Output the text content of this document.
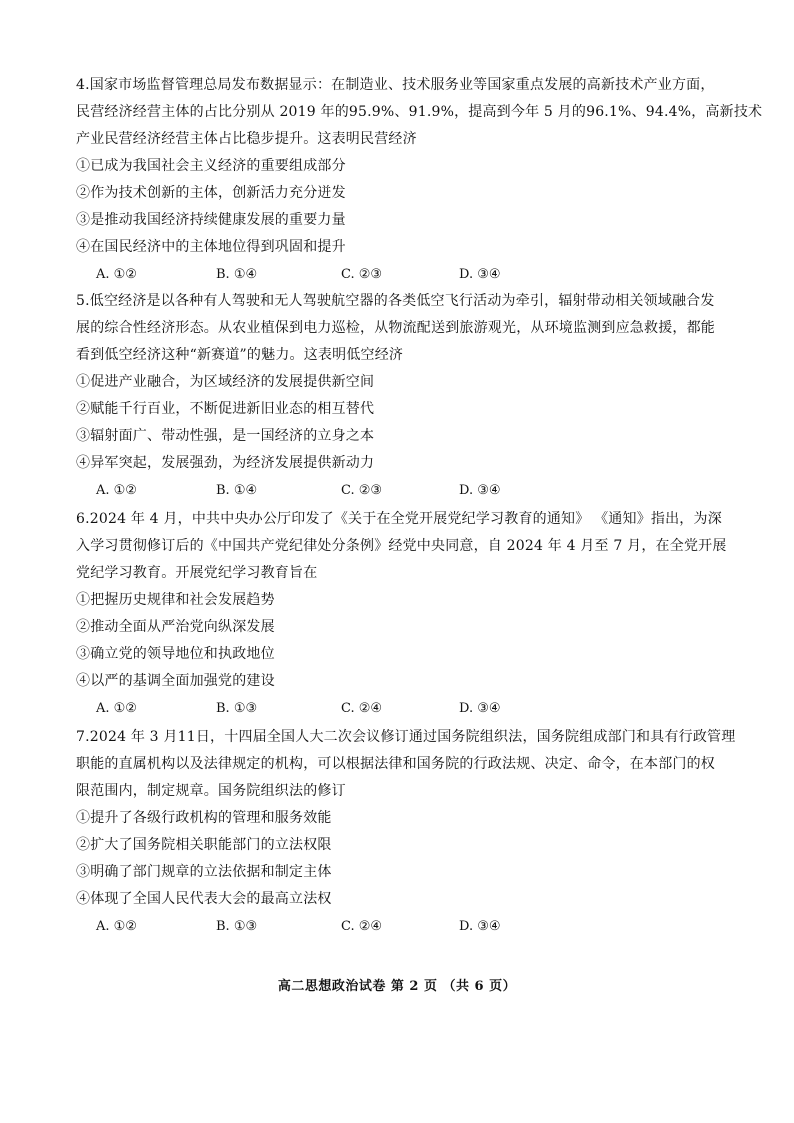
4.国家市场监督管理总局发布数据显示：在制造业、技术服务业等国家重点发展的高新技术产业方面，
民营经济经营主体的占比分别从 2019 年的95.9%、91.9%，提高到今年 5 月的96.1%、94.4%，高新技术
产业民营经济经营主体占比稳步提升。这表明民营经济
①已成为我国社会主义经济的重要组成部分
②作为技术创新的主体，创新活力充分迸发
③是推动我国经济持续健康发展的重要力量
④在国民经济中的主体地位得到巩固和提升
A. ①②	B. ①④	C. ②③	D. ③④
5.低空经济是以各种有人驾驶和无人驾驶航空器的各类低空飞行活动为牵引，辐射带动相关领域融合发
展的综合性经济形态。从农业植保到电力巡检，从物流配送到旅游观光，从环境监测到应急救援，都能
看到低空经济这种“新赛道”的魅力。这表明低空经济
①促进产业融合，为区域经济的发展提供新空间
②赋能千行百业，不断促进新旧业态的相互替代
③辐射面广、带动性强，是一国经济的立身之本
④异军突起，发展强劲，为经济发展提供新动力
A. ①②	B. ①④	C. ②③	D. ③④
6.2024 年 4 月，中共中央办公厅印发了《关于在全党开展党纪学习教育的通知》 《通知》指出，为深
入学习贯彻修订后的《中国共产党纪律处分条例》经党中央同意，自 2024 年 4 月至 7 月，在全党开展
党纪学习教育。开展党纪学习教育旨在
①把握历史规律和社会发展趋势
②推动全面从严治党向纵深发展
③确立党的领导地位和执政地位
④以严的基调全面加强党的建设
A. ①②	B. ①③	C. ②④	D. ③④
7.2024 年 3 月11日，十四届全国人大二次会议修订通过国务院组织法，国务院组成部门和具有行政管理
职能的直属机构以及法律规定的机构，可以根据法律和国务院的行政法规、决定、命令，在本部门的权
限范围内，制定规章。国务院组织法的修订
①提升了各级行政机构的管理和服务效能
②扩大了国务院相关职能部门的立法权限
③明确了部门规章的立法依据和制定主体
④体现了全国人民代表大会的最高立法权
A. ①②	B. ①③	C. ②④	D. ③④
高二思想政治试卷 第 2 页 （共 6 页）
